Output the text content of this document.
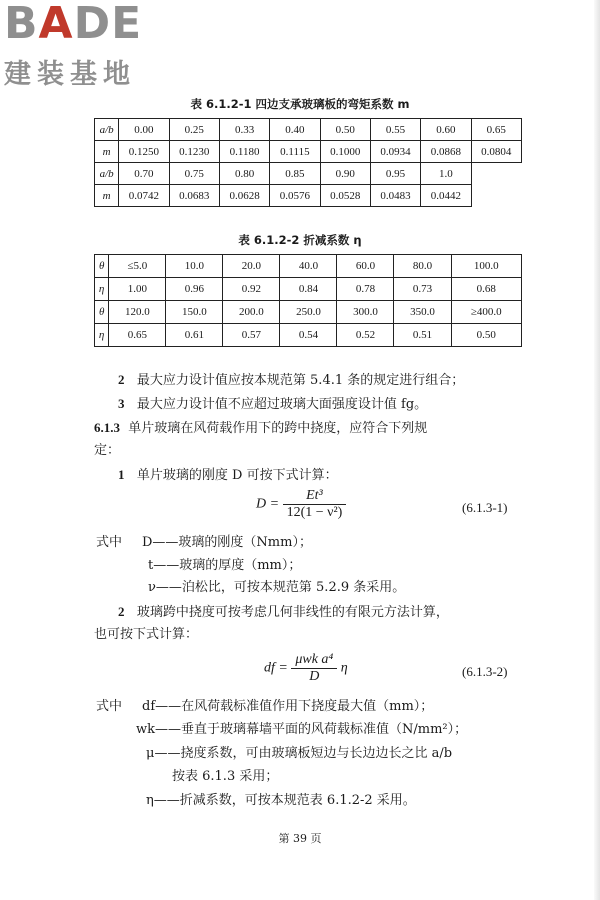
B A D E
建装基地
表 6.1.2-1 四边支承玻璃板的弯矩系数 m
a/b	0.00	0.25	0.33	0.40	0.50	0.55	0.60	0.65
m	0.1250	0.1230	0.1180	0.1115	0.1000	0.0934	0.0868	0.0804
a/b	0.70	0.75	0.80	0.85	0.90	0.95	1.0	
m	0.0742	0.0683	0.0628	0.0576	0.0528	0.0483	0.0442	
表 6.1.2-2 折减系数 η
θ	≤5.0	10.0	20.0	40.0	60.0	80.0	100.0
η	1.00	0.96	0.92	0.84	0.78	0.73	0.68
θ	120.0	150.0	200.0	250.0	300.0	350.0	≥400.0
η	0.65	0.61	0.57	0.54	0.52	0.51	0.50
2 最大应力设计值应按本规范第 5.4.1 条的规定进行组合；
3 最大应力设计值不应超过玻璃大面强度设计值 fg。
6.1.3 单片玻璃在风荷载作用下的跨中挠度，应符合下列规
定：
1 单片玻璃的刚度 D 可按下式计算：
$D = \frac{\text{Et³}}{\text{12(1 − ν²)}}$	(6.1.3-1)
式中 D——玻璃的刚度（Nmm）；
t——玻璃的厚度（mm）；
ν——泊松比，可按本规范第 5.2.9 条采用。
2 玻璃跨中挠度可按考虑几何非线性的有限元方法计算，
也可按下式计算：
df = $\frac{\text{μwk a⁴}}{D}$ η	(6.1.3-2)
式中 df——在风荷载标准值作用下挠度最大值（mm）；
wk——垂直于玻璃幕墙平面的风荷载标准值（N/mm²）；
μ——挠度系数，可由玻璃板短边与长边边长之比 a/b
按表 6.1.3 采用；
η——折减系数，可按本规范表 6.1.2-2 采用。
第 39 页
